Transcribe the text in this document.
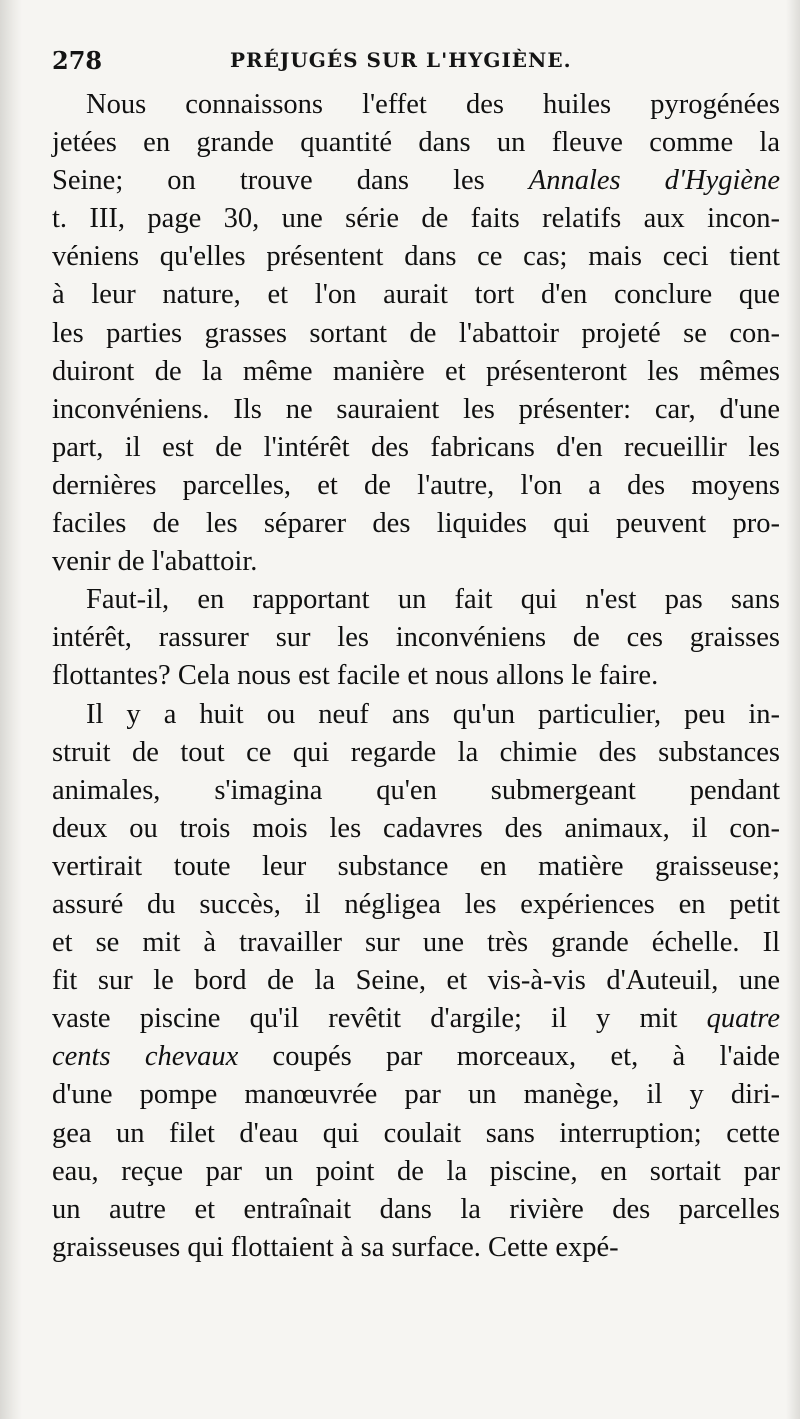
278	PRÉJUGÉS SUR L'HYGIÈNE.
Nous connaissons l'effet des huiles pyrogénées
jetées en grande quantité dans un fleuve comme la
Seine; on trouve dans les Annales d'Hygiène
t. III, page 30, une série de faits relatifs aux incon-
véniens qu'elles présentent dans ce cas; mais ceci tient
à leur nature, et l'on aurait tort d'en conclure que
les parties grasses sortant de l'abattoir projeté se con-
duiront de la même manière et présenteront les mêmes
inconvéniens. Ils ne sauraient les présenter: car, d'une
part, il est de l'intérêt des fabricans d'en recueillir les
dernières parcelles, et de l'autre, l'on a des moyens
faciles de les séparer des liquides qui peuvent pro-
venir de l'abattoir.
Faut-il, en rapportant un fait qui n'est pas sans
intérêt, rassurer sur les inconvéniens de ces graisses
flottantes? Cela nous est facile et nous allons le faire.
Il y a huit ou neuf ans qu'un particulier, peu in-
struit de tout ce qui regarde la chimie des substances
animales, s'imagina qu'en submergeant pendant
deux ou trois mois les cadavres des animaux, il con-
vertirait toute leur substance en matière graisseuse;
assuré du succès, il négligea les expériences en petit
et se mit à travailler sur une très grande échelle. Il
fit sur le bord de la Seine, et vis-à-vis d'Auteuil, une
vaste piscine qu'il revêtit d'argile; il y mit quatre
cents chevaux coupés par morceaux, et, à l'aide
d'une pompe manœuvrée par un manège, il y diri-
gea un filet d'eau qui coulait sans interruption; cette
eau, reçue par un point de la piscine, en sortait par
un autre et entraînait dans la rivière des parcelles
graisseuses qui flottaient à sa surface. Cette expé-
